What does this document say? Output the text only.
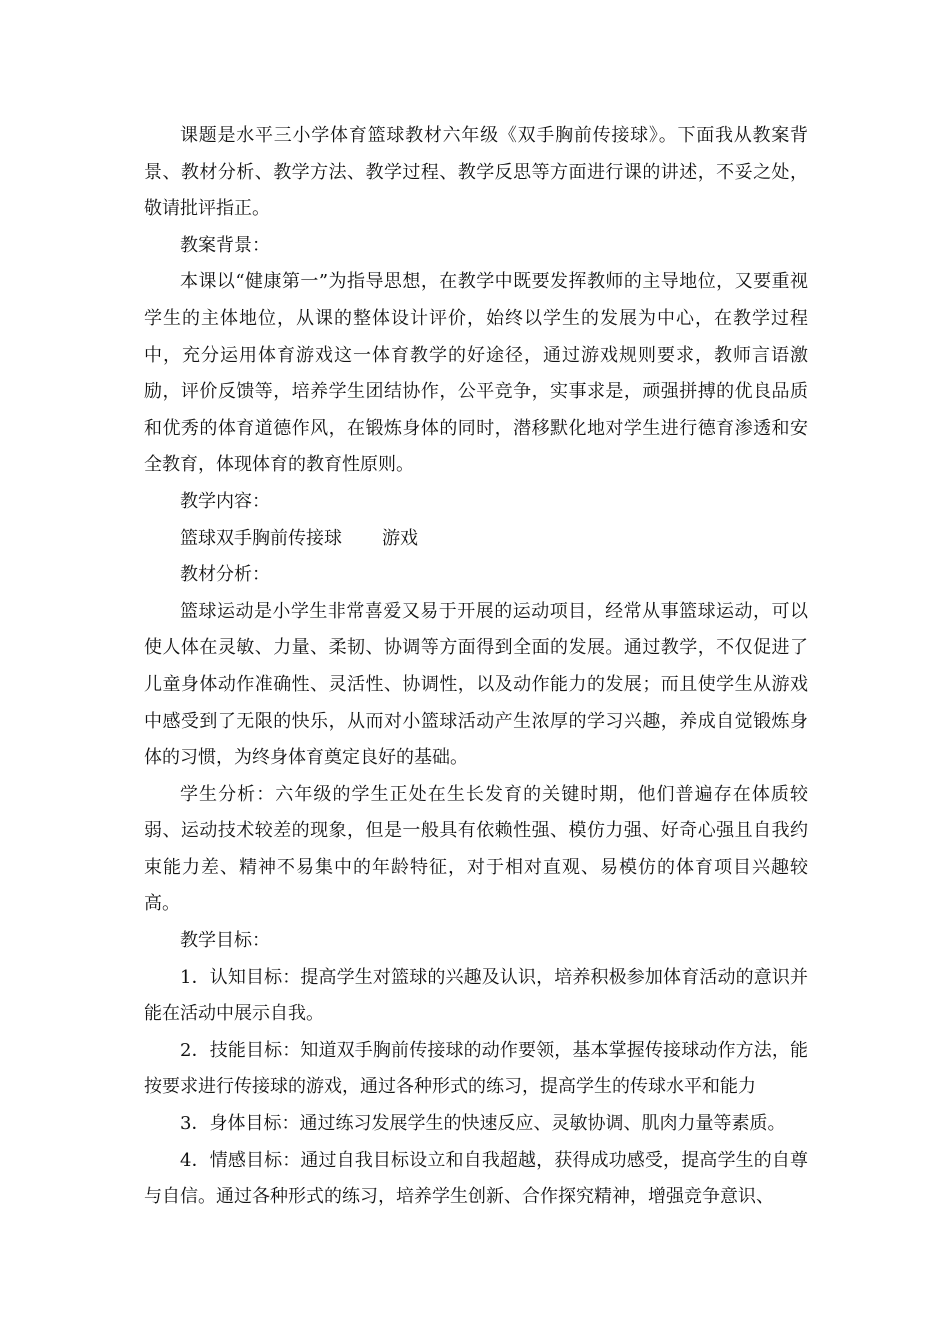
课题是水平三小学体育篮球教材六年级《双手胸前传接球》。下面我从教案背景、教材分析、教学方法、教学过程、教学反思等方面进行课的讲述，不妥之处，敬请批评指正。

教案背景：

本课以“健康第一”为指导思想，在教学中既要发挥教师的主导地位，又要重视学生的主体地位，从课的整体设计评价，始终以学生的发展为中心，在教学过程中，充分运用体育游戏这一体育教学的好途径，通过游戏规则要求，教师言语激励，评价反馈等，培养学生团结协作，公平竞争，实事求是，顽强拼搏的优良品质和优秀的体育道德作风，在锻炼身体的同时，潜移默化地对学生进行德育渗透和安全教育，体现体育的教育性原则。

教学内容：

篮球双手胸前传接球 游戏

教材分析：

篮球运动是小学生非常喜爱又易于开展的运动项目，经常从事篮球运动，可以使人体在灵敏、力量、柔韧、协调等方面得到全面的发展。通过教学，不仅促进了儿童身体动作准确性、灵活性、协调性，以及动作能力的发展；而且使学生从游戏中感受到了无限的快乐，从而对小篮球活动产生浓厚的学习兴趣，养成自觉锻炼身体的习惯，为终身体育奠定良好的基础。

学生分析：六年级的学生正处在生长发育的关键时期，他们普遍存在体质较弱、运动技术较差的现象，但是一般具有依赖性强、模仿力强、好奇心强且自我约束能力差、精神不易集中的年龄特征，对于相对直观、易模仿的体育项目兴趣较高。

教学目标：

1．认知目标：提高学生对篮球的兴趣及认识，培养积极参加体育活动的意识并能在活动中展示自我。

2．技能目标：知道双手胸前传接球的动作要领，基本掌握传接球动作方法，能按要求进行传接球的游戏，通过各种形式的练习，提高学生的传球水平和能力

3．身体目标：通过练习发展学生的快速反应、灵敏协调、肌肉力量等素质。

4．情感目标：通过自我目标设立和自我超越，获得成功感受，提高学生的自尊与自信。通过各种形式的练习，培养学生创新、合作探究精神，增强竞争意识、
